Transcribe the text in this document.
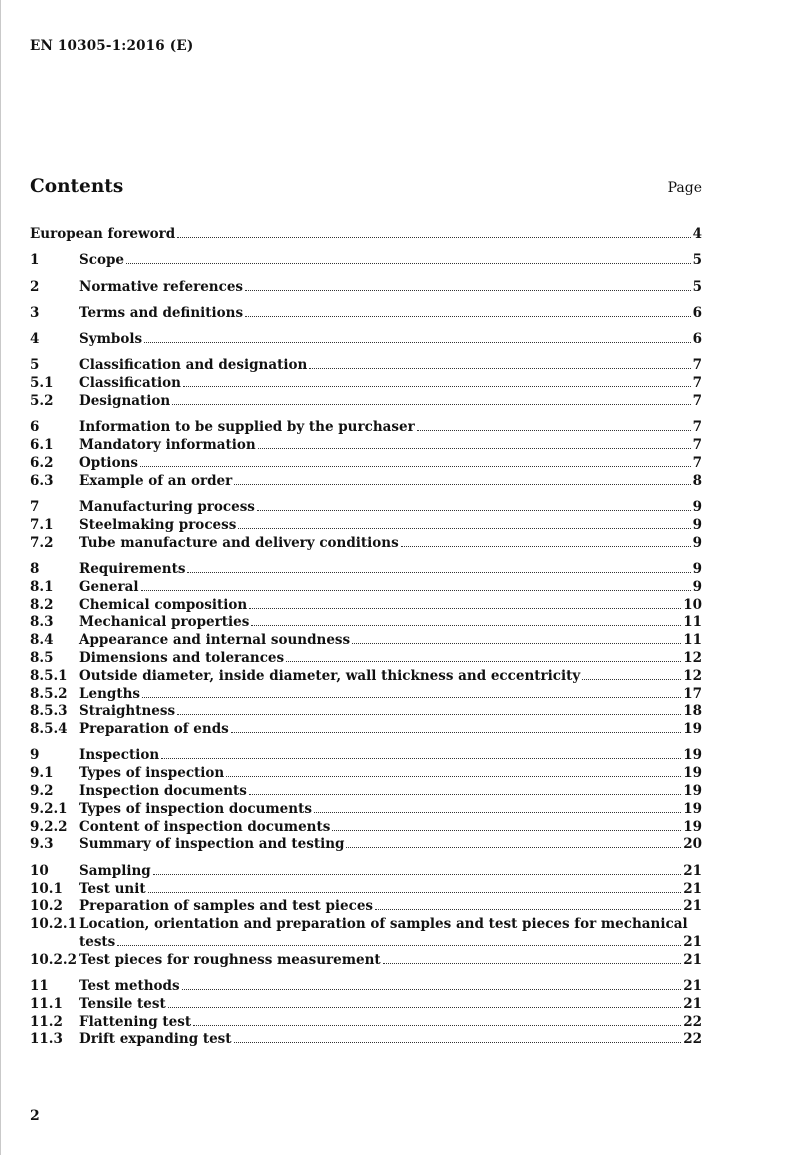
EN 10305-1:2016 (E)
Contents	Page
European foreword	4
1	Scope	5
2	Normative references	5
3	Terms and definitions	6
4	Symbols	6
5	Classification and designation	7
5.1	Classification	7
5.2	Designation	7
6	Information to be supplied by the purchaser	7
6.1	Mandatory information	7
6.2	Options	7
6.3	Example of an order	8
7	Manufacturing process	9
7.1	Steelmaking process	9
7.2	Tube manufacture and delivery conditions	9
8	Requirements	9
8.1	General	9
8.2	Chemical composition	10
8.3	Mechanical properties	11
8.4	Appearance and internal soundness	11
8.5	Dimensions and tolerances	12
8.5.1 Outside diameter, inside diameter, wall thickness and eccentricity	12
8.5.2 Lengths	17
8.5.3 Straightness	18
8.5.4 Preparation of ends	19
9	Inspection	19
9.1	Types of inspection	19
9.2	Inspection documents	19
9.2.1 Types of inspection documents	19
9.2.2 Content of inspection documents	19
9.3	Summary of inspection and testing	20
10	Sampling	21
10.1	Test unit	21
10.2	Preparation of samples and test pieces	21
10.2.1 Location, orientation and preparation of samples and test pieces for mechanical
tests	21
10.2.2 Test pieces for roughness measurement	21
11	Test methods	21
11.1	Tensile test	21
11.2	Flattening test	22
11.3	Drift expanding test	22
2
